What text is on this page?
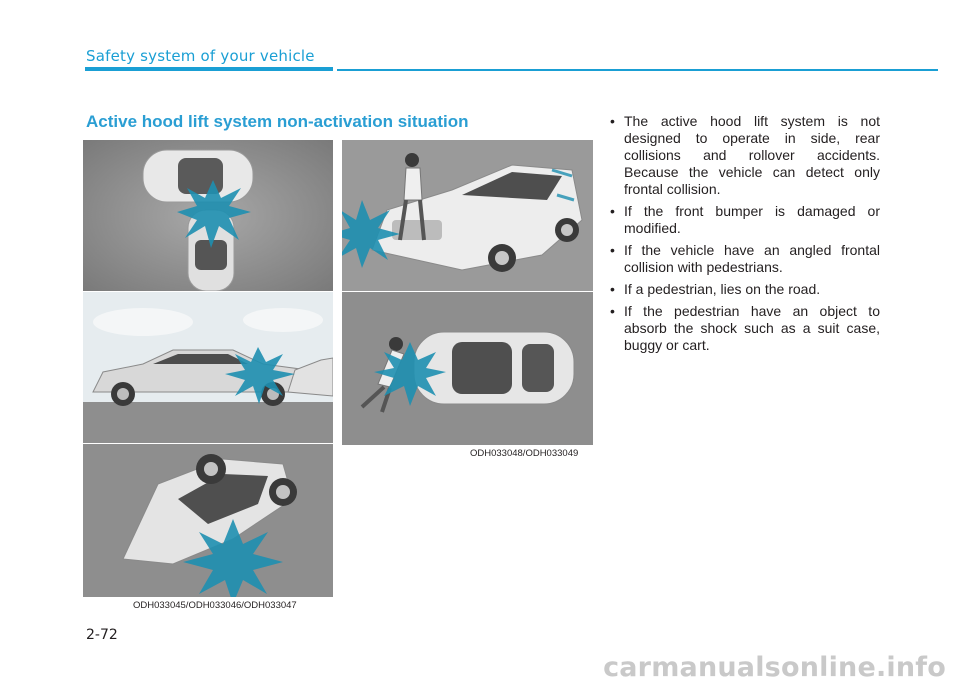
Safety system of your vehicle
Active hood lift system non-activation situation
ODH033045/ODH033046/ODH033047
ODH033048/ODH033049
• The active hood lift system is not designed to operate in side, rear collisions and rollover accidents. Because the vehicle can detect only frontal collision.
• If the front bumper is damaged or modified.
• If the vehicle have an angled frontal collision with pedestrians.
• If a pedestrian, lies on the road.
• If the pedestrian have an object to absorb the shock such as a suit case, buggy or cart.
2-72
carmanualsonline.info
